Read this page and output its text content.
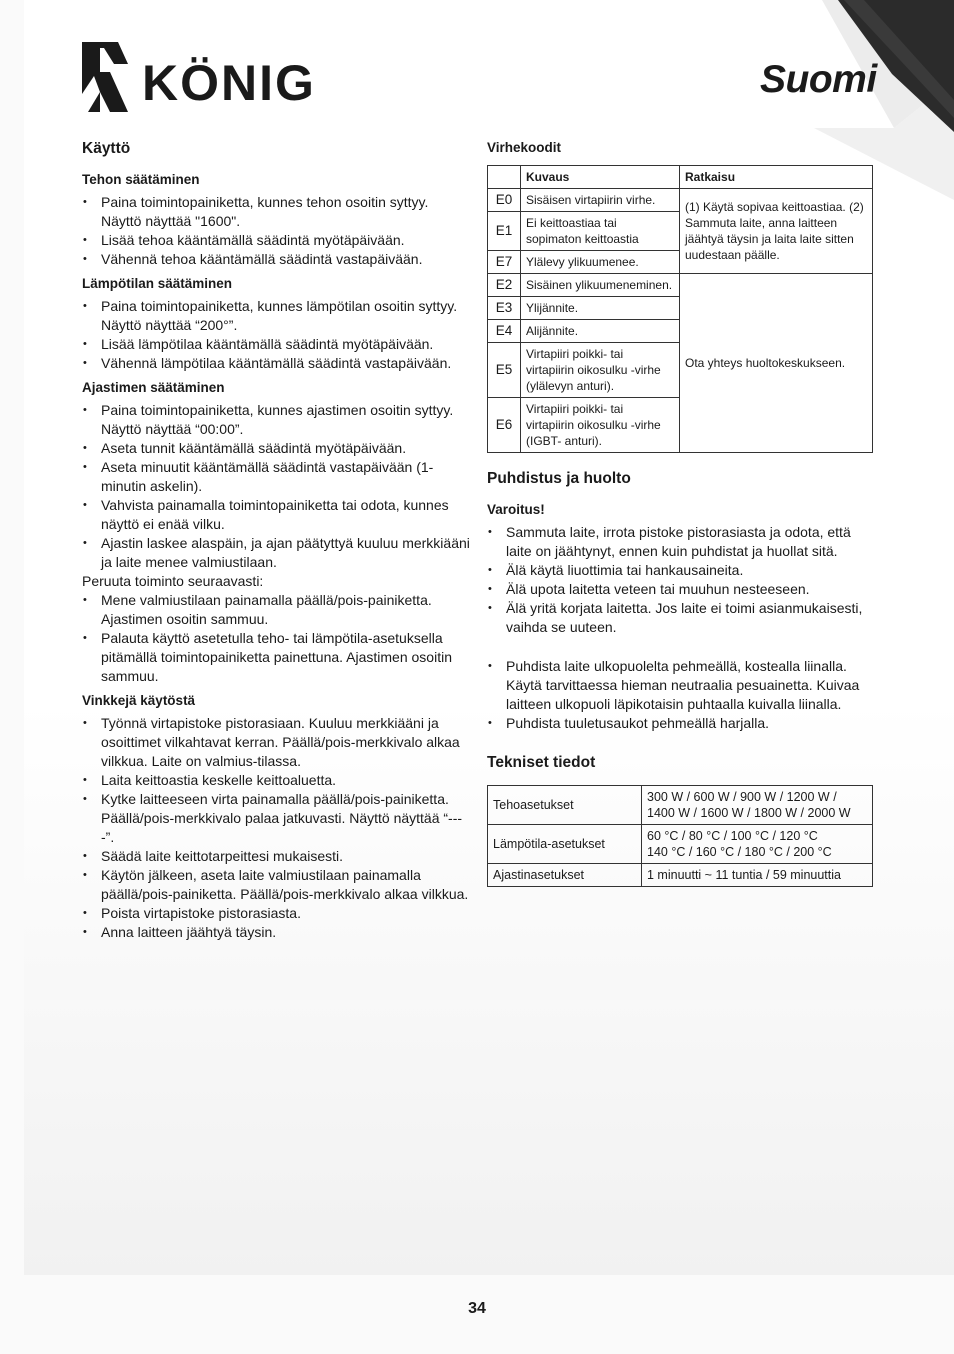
KÖNIG	Suomi
Käyttö
Tehon säätäminen
• Paina toimintopainiketta, kunnes tehon osoitin syttyy. Näyttö näyttää "1600".
• Lisää tehoa kääntämällä säädintä myötäpäivään.
• Vähennä tehoa kääntämällä säädintä vastapäivään.
Lämpötilan säätäminen
• Paina toimintopainiketta, kunnes lämpötilan osoitin syttyy. Näyttö näyttää “200°”.
• Lisää lämpötilaa kääntämällä säädintä myötäpäivään.
• Vähennä lämpötilaa kääntämällä säädintä vastapäivään.
Ajastimen säätäminen
• Paina toimintopainiketta, kunnes ajastimen osoitin syttyy. Näyttö näyttää “00:00”.
• Aseta tunnit kääntämällä säädintä myötäpäivään.
• Aseta minuutit kääntämällä säädintä vastapäivään (1-minutin askelin).
• Vahvista painamalla toimintopainiketta tai odota, kunnes näyttö ei enää vilku.
• Ajastin laskee alaspäin, ja ajan päätyttyä kuuluu merkkiääni ja laite menee valmiustilaan.

Peruuta toiminto seuraavasti:

• Mene valmiustilaan painamalla päällä/pois-painiketta. Ajastimen osoitin sammuu.
• Palauta käyttö asetetulla teho- tai lämpötila-asetuksella pitämällä toimintopainiketta painettuna. Ajastimen osoitin sammuu.
Vinkkejä käytöstä
• Työnnä virtapistoke pistorasiaan. Kuuluu merkkiääni ja osoittimet vilkahtavat kerran. Päällä/pois-merkkivalo alkaa vilkkua. Laite on valmius-tilassa.
• Laita keittoastia keskelle keittoaluetta.
• Kytke laitteeseen virta painamalla päällä/pois-painiketta. Päällä/pois-merkkivalo palaa jatkuvasti. Näyttö näyttää “----”.
• Säädä laite keittotarpeittesi mukaisesti.
• Käytön jälkeen, aseta laite valmiustilaan painamalla päällä/pois-painiketta. Päällä/pois-merkkivalo alkaa vilkkua.
• Poista virtapistoke pistorasiasta.
• Anna laitteen jäähtyä täysin.
Virhekoodit
	Kuvaus	Ratkaisu
E0	Sisäisen virtapiirin virhe.	(1) Käytä sopivaa keittoastiaa. (2) Sammuta laite, anna laitteen jäähtyä täysin ja laita laite sitten uudestaan päälle.
E1	Ei keittoastiaa tai sopimaton keittoastia	
E7	Ylälevy ylikuumenee.	
E2	Sisäinen ylikuumeneminen.	Ota yhteys huoltokeskukseen.
E3	Ylijännite.	
E4	Alijännite.	
E5	Virtapiiri poikki- tai virtapiirin oikosulku -virhe (ylälevyn anturi).	
E6	Virtapiiri poikki- tai virtapiirin oikosulku -virhe (IGBT- anturi).	
Puhdistus ja huolto
Varoitus!
• Sammuta laite, irrota pistoke pistorasiasta ja odota, että laite on jäähtynyt, ennen kuin puhdistat ja huollat sitä.
• Älä käytä liuottimia tai hankausaineita.
• Älä upota laitetta veteen tai muuhun nesteeseen.
• Älä yritä korjata laitetta. Jos laite ei toimi asianmukaisesti, vaihda se uuteen.
• Puhdista laite ulkopuolelta pehmeällä, kostealla liinalla. Käytä tarvittaessa hieman neutraalia pesuainetta. Kuivaa laitteen ulkopuoli läpikotaisin puhtaalla kuivalla liinalla.
• Puhdista tuuletusaukot pehmeällä harjalla.
Tekniset tiedot
Tehoasetukset	300 W / 600 W / 900 W / 1200 W /
1400 W / 1600 W / 1800 W / 2000 W
Lämpötila-asetukset	60 °C / 80 °C / 100 °C / 120 °C
140 °C / 160 °C / 180 °C / 200 °C
Ajastinasetukset	1 minuutti ~ 11 tuntia / 59 minuuttia
34
